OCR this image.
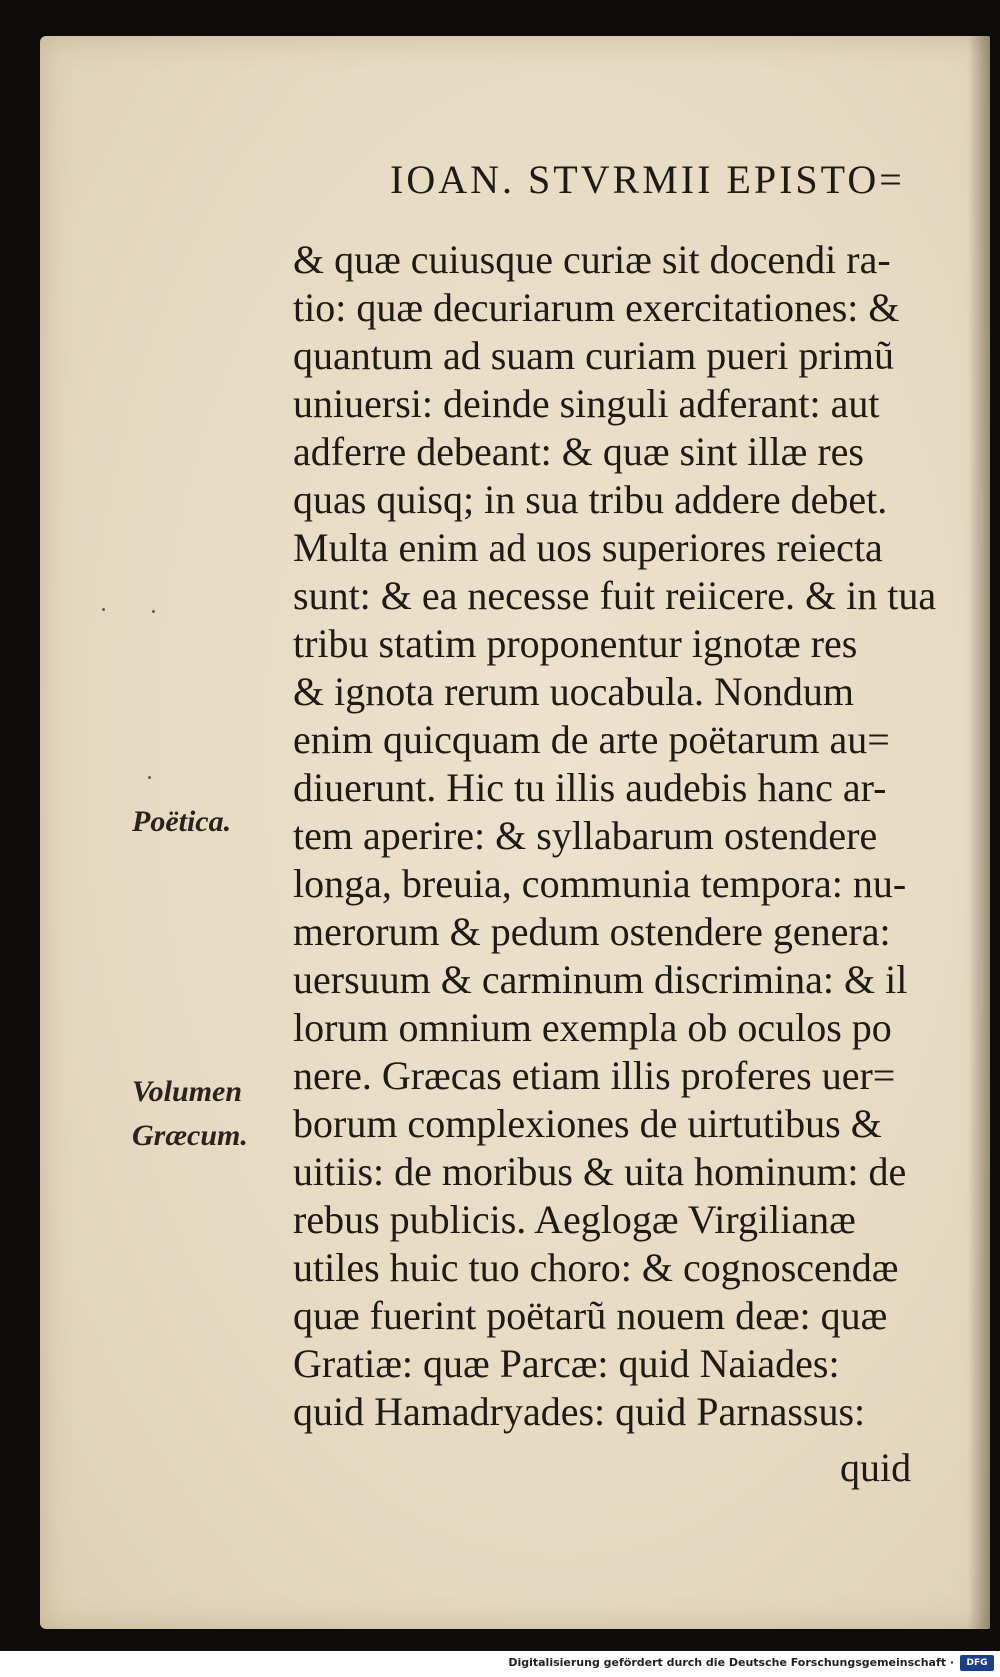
IOAN. STVRMII EPISTO=
& quæ cuiusque curiæ sit docendi ra-
tio: quæ decuriarum exercitationes: &
quantum ad suam curiam pueri primũ
uniuersi: deinde singuli adferant: aut
adferre debeant: & quæ sint illæ res
quas quisq; in sua tribu addere debet.
Multa enim ad uos superiores reiecta
sunt: & ea necesse fuit reiicere. & in tua
tribu statim proponentur ignotæ res
& ignota rerum uocabula. Nondum
enim quicquam de arte poëtarum au=
diuerunt. Hic tu illis audebis hanc ar-
tem aperire: & syllabarum ostendere
longa, breuia, communia tempora: nu-
merorum & pedum ostendere genera:
uersuum & carminum discrimina: & il
lorum omnium exempla ob oculos po
nere. Græcas etiam illis proferes uer=
borum complexiones de uirtutibus &
uitiis: de moribus & uita hominum: de
rebus publicis. Aeglogæ Virgilianæ
utiles huic tuo choro: & cognoscendæ
quæ fuerint poëtarũ nouem deæ: quæ
Gratiæ: quæ Parcæ: quid Naiades:
quid Hamadryades: quid Parnassus:
quid
Poëtica.
Volumen
Græcum.
Digitalisierung gefördert durch die Deutsche Forschungsgemeinschaft ·	DFG
